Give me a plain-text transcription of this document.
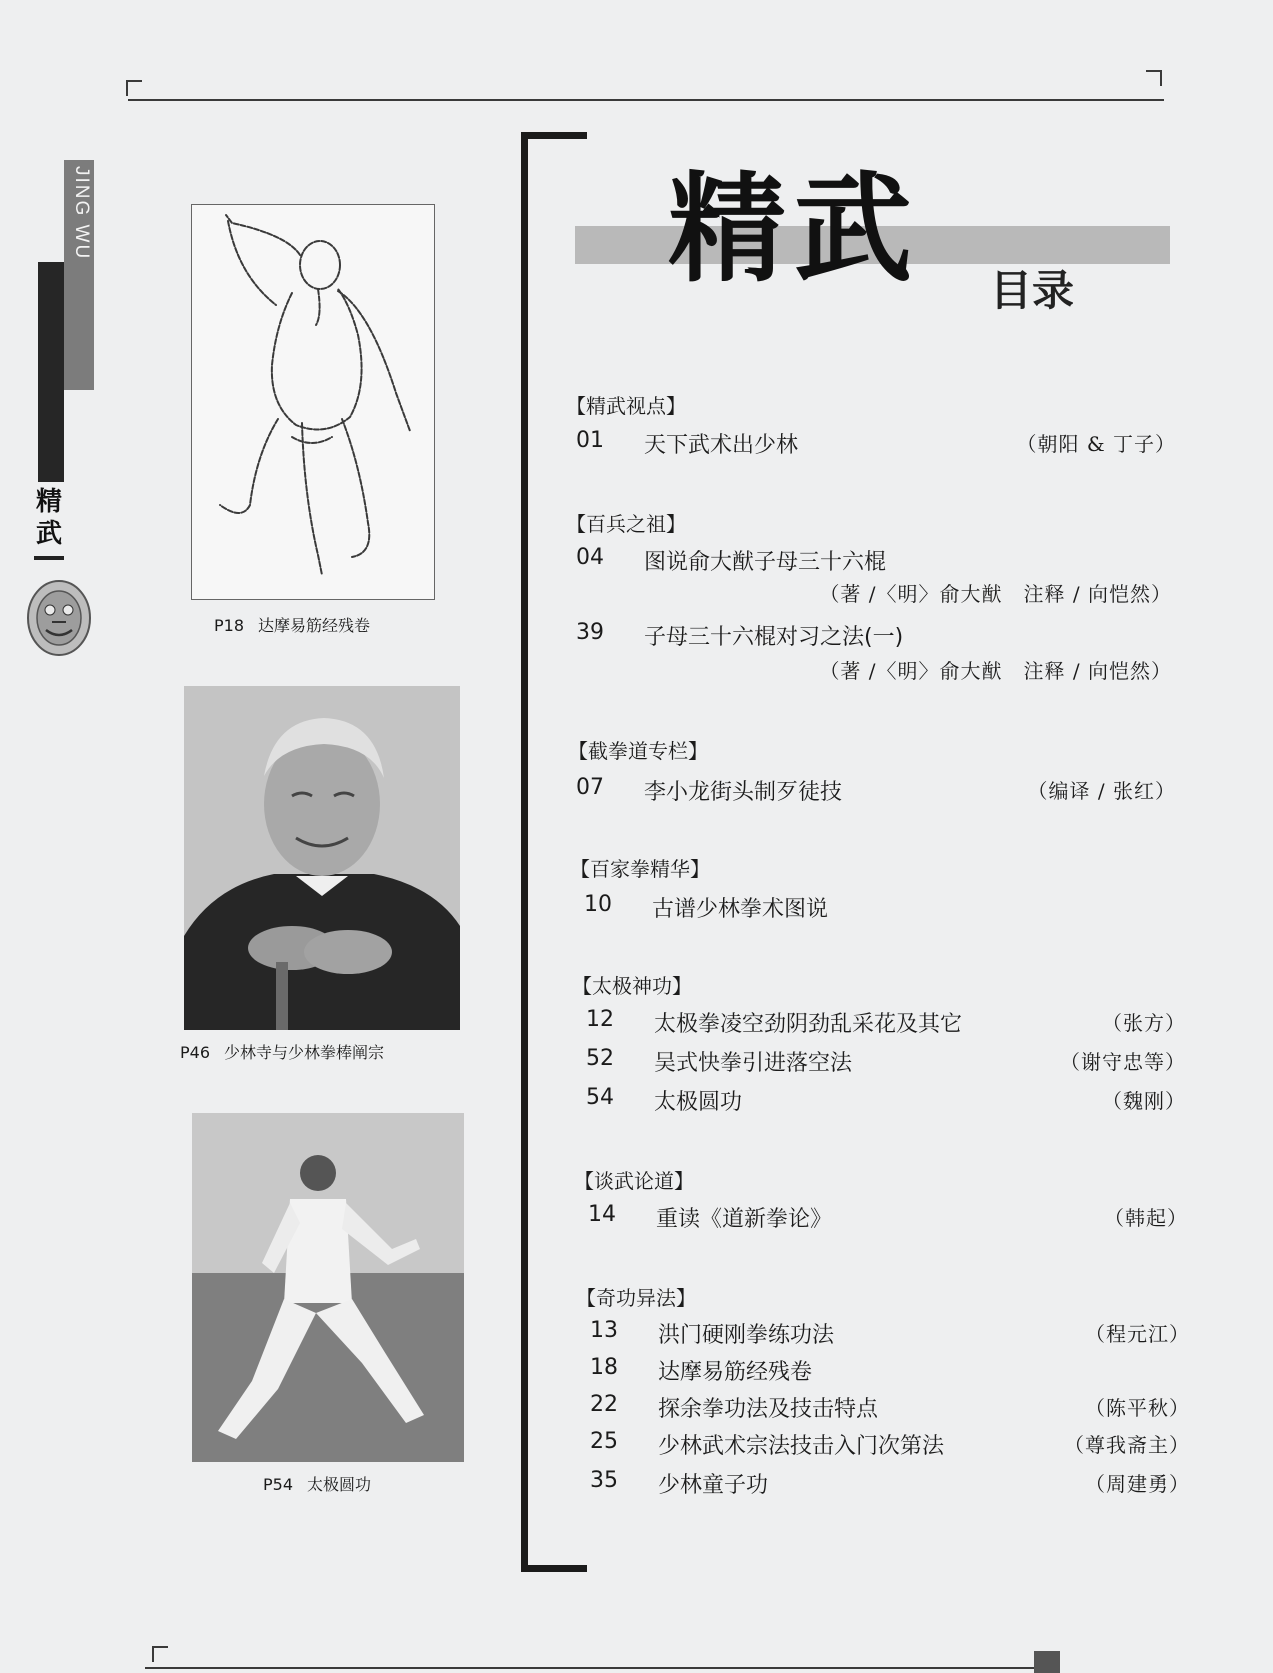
JING WU
精武
P18 达摩易筋经残卷
P46 少林寺与少林拳棒阐宗
P54 太极圆功
精武 目录
【精武视点】
01 天下武术出少林	（朝阳 & 丁子）
【百兵之祖】
04 图说俞大猷子母三十六棍
（著 /〈明〉俞大猷　注释 / 向恺然）
39 子母三十六棍对习之法(一)
（著 /〈明〉俞大猷　注释 / 向恺然）
【截拳道专栏】
07 李小龙街头制歹徒技	（编译 / 张红）
【百家拳精华】
10 古谱少林拳术图说
【太极神功】
12 太极拳凌空劲阴劲乱采花及其它	（张方）
52 吴式快拳引进落空法	（谢守忠等）
54 太极圆功	（魏刚）
【谈武论道】
14 重读《道新拳论》	（韩起）
【奇功异法】
13 洪门硬刚拳练功法	（程元江）
18 达摩易筋经残卷
22 探余拳功法及技击特点	（陈平秋）
25 少林武术宗法技击入门次第法	（尊我斋主）
35 少林童子功	（周建勇）
